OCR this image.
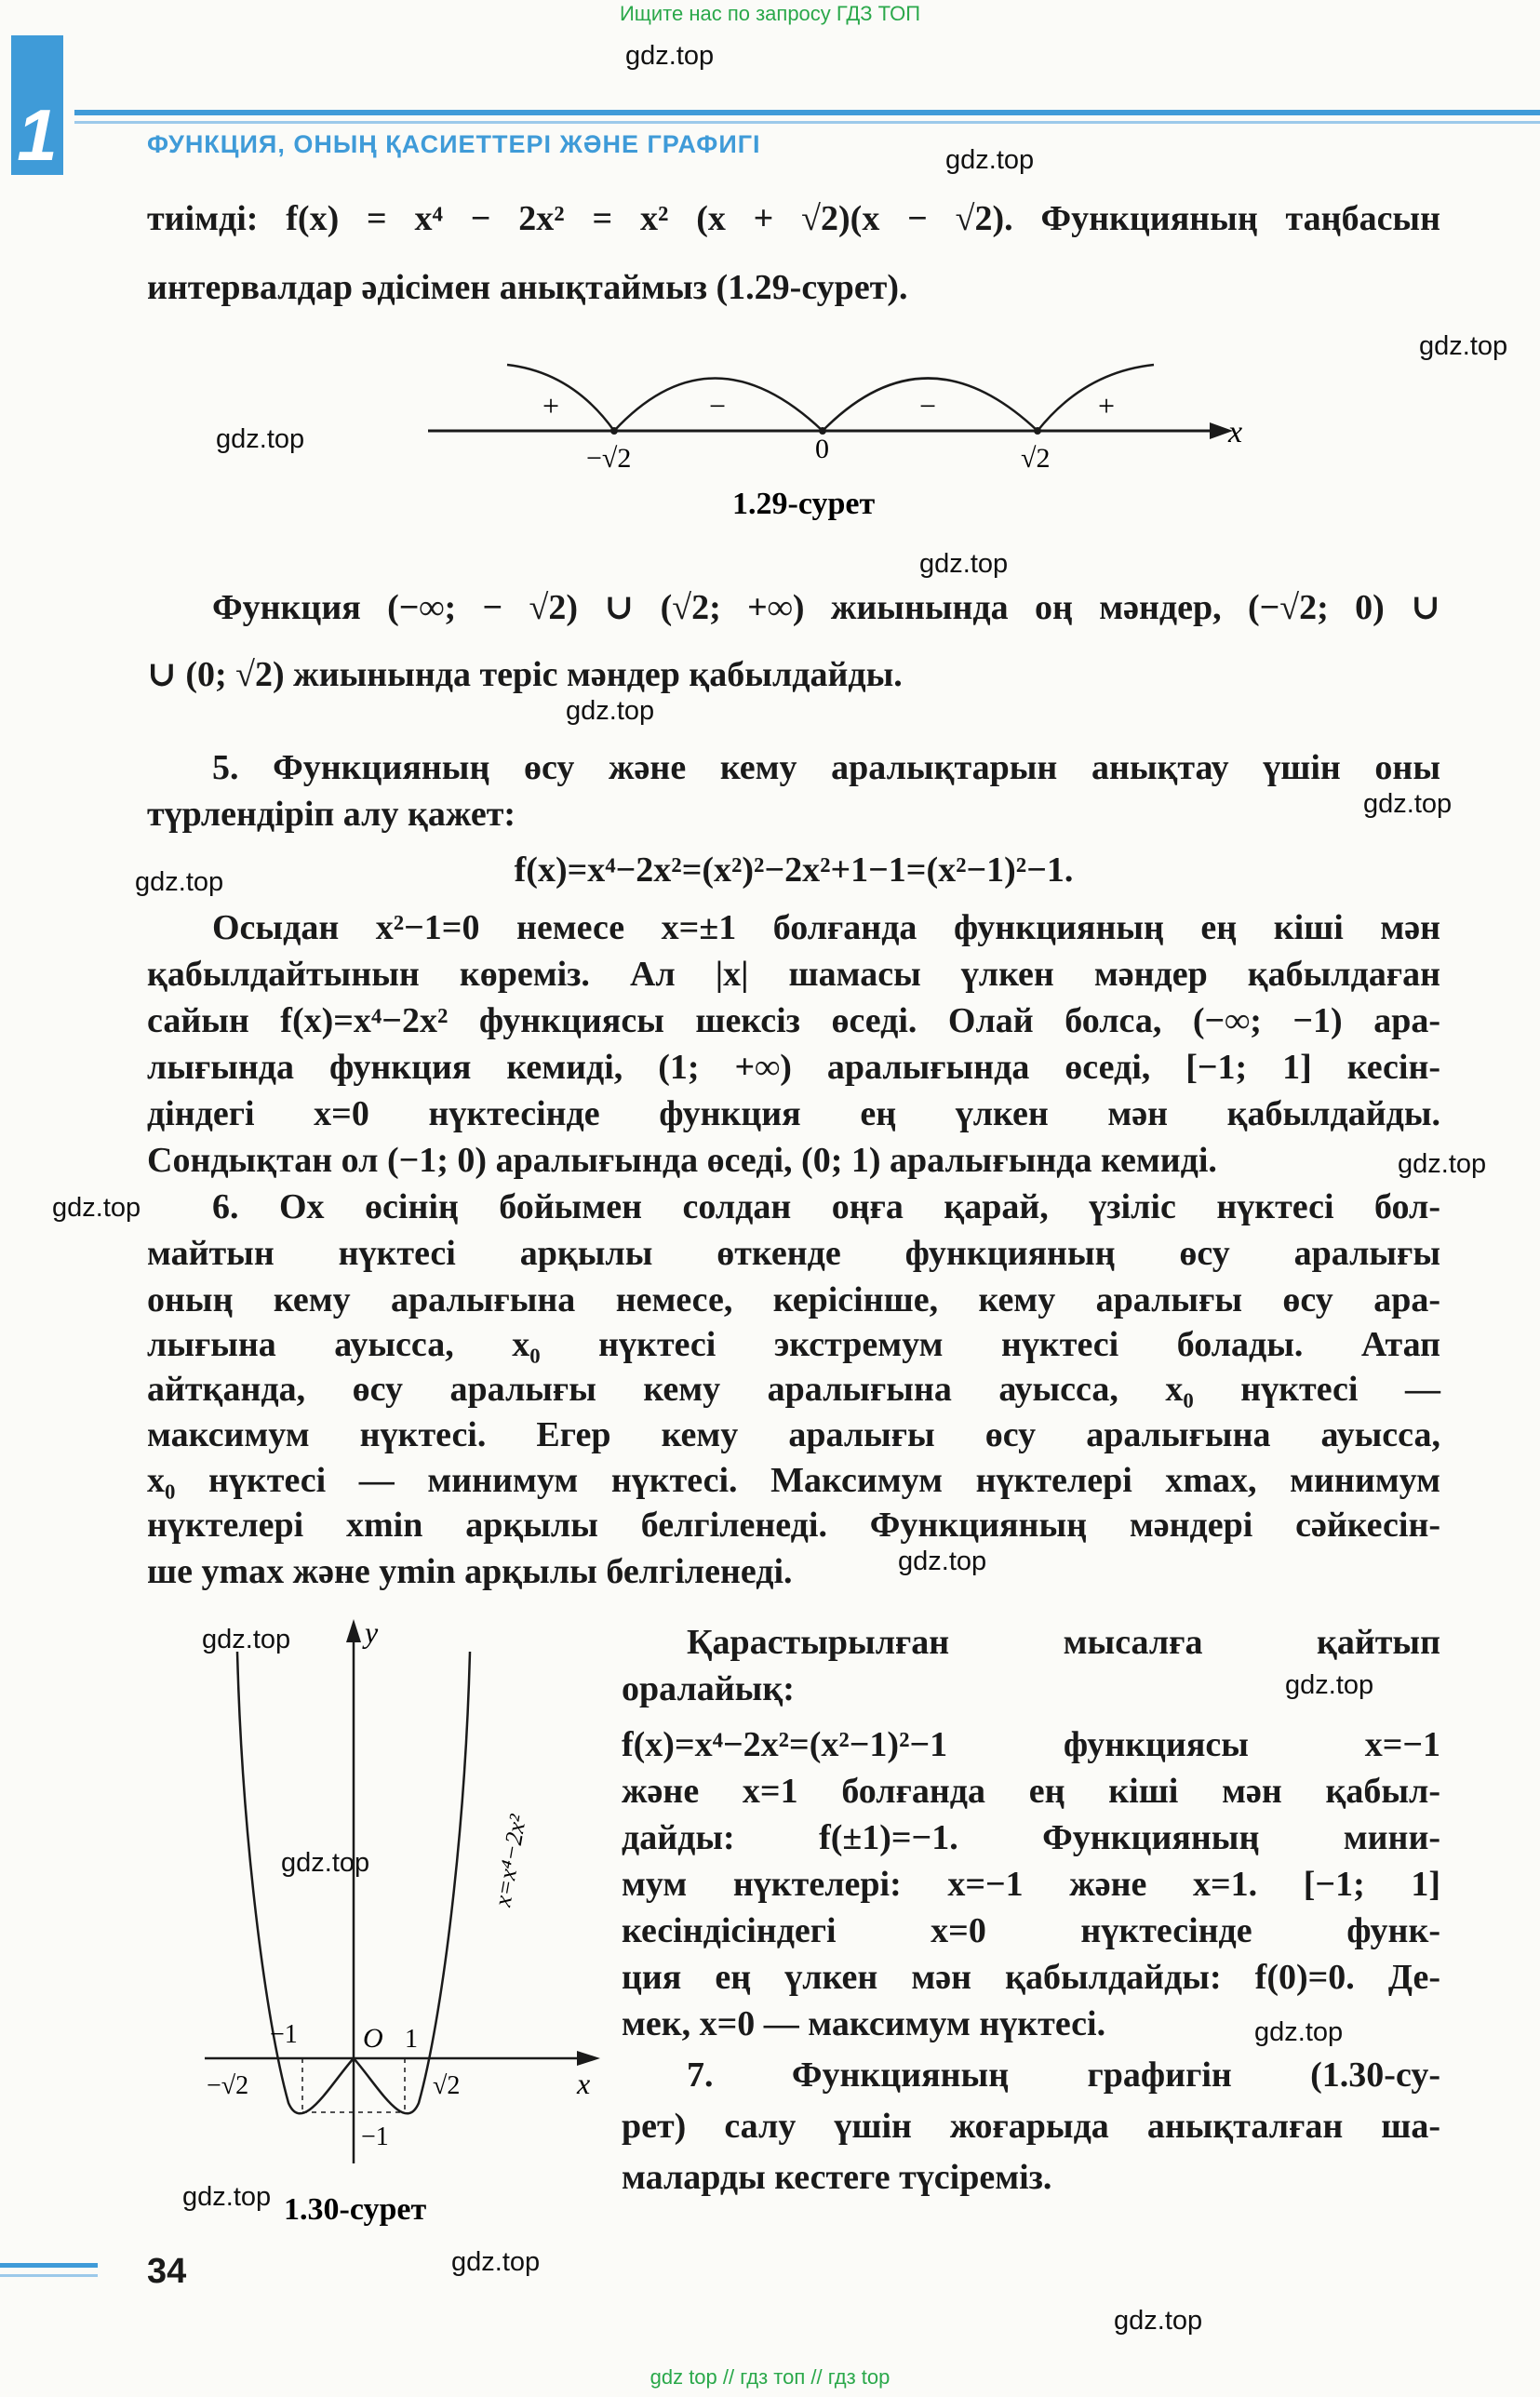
Ищите нас по запросу ГДЗ ТОП
gdz.top
gdz.top
gdz.top
gdz.top
gdz.top
gdz.top
gdz.top
gdz.top
gdz.top
gdz.top
gdz.top
gdz.top
gdz.top
gdz.top
gdz.top
gdz.top
gdz.top
gdz.top
1	ФУНКЦИЯ, ОНЫҢ ҚАСИЕТТЕРІ ЖӘНЕ ГРАФИГІ
тиімді: f(x) = x⁴ − 2x² = x² (x + √2)(x − √2). Функцияның таңбасын
интервалдар әдісімен анықтаймыз (1.29-сурет).
+	−	−	+
−√2	0	√2
x
1.29-сурет
Функция (−∞; − √2) ∪ (√2; +∞) жиынында оң мәндер, (−√2; 0) ∪
∪ (0; √2) жиынында теріс мәндер қабылдайды.
5. Функцияның өсу және кему аралықтарын анықтау үшін оны
түрлендіріп алу қажет:
f(x)=x⁴−2x²=(x²)²−2x²+1−1=(x²−1)²−1.
Осыдан x²−1=0 немесе x=±1 болғанда функцияның ең кіші мән
қабылдайтынын көреміз. Ал |x| шамасы үлкен мәндер қабылдаған
сайын f(x)=x⁴−2x² функциясы шексіз өседі. Олай болса, (−∞; −1) ара-
лығында функция кемиді, (1; +∞) аралығында өседі, [−1; 1] кесін-
діндегі x=0 нүктесінде функция ең үлкен мән қабылдайды.
Сондықтан ол (−1; 0) аралығында өседі, (0; 1) аралығында кемиді.
6. Ox өсінің бойымен солдан оңға қарай, үзіліс нүктесі бол-
майтын нүктесі арқылы өткенде функцияның өсу аралығы
оның кему аралығына немесе, керісінше, кему аралығы өсу ара-
лығына ауысса, x₀ нүктесі экстремум нүктесі болады. Атап
айтқанда, өсу аралығы кему аралығына ауысса, x₀ нүктесі —
максимум нүктесі. Егер кему аралығы өсу аралығына ауысса,
x₀ нүктесі — минимум нүктесі. Максимум нүктелері xmax, минимум
нүктелері xmin арқылы белгіленеді. Функцияның мәндері сәйкесін-
ше ymax және ymin арқылы белгіленеді.
y
x
O
−1	1
−√2	√2
−1
x=x⁴−2x²
1.30-сурет
Қарастырылған мысалға қайтып
оралайық:
f(x)=x⁴−2x²=(x²−1)²−1 функциясы x=−1
және x=1 болғанда ең кіші мән қабыл-
дайды: f(±1)=−1. Функцияның мини-
мум нүктелері: x=−1 және x=1. [−1; 1]
кесіндісіндегі x=0 нүктесінде функ-
ция ең үлкен мән қабылдайды: f(0)=0. Де-
мек, x=0 — максимум нүктесі.
7. Функцияның графигін (1.30-су-
рет) салу үшін жоғарыда анықталған ша-
маларды кестеге түсіреміз.
34
gdz top // гдз топ // гдз top
